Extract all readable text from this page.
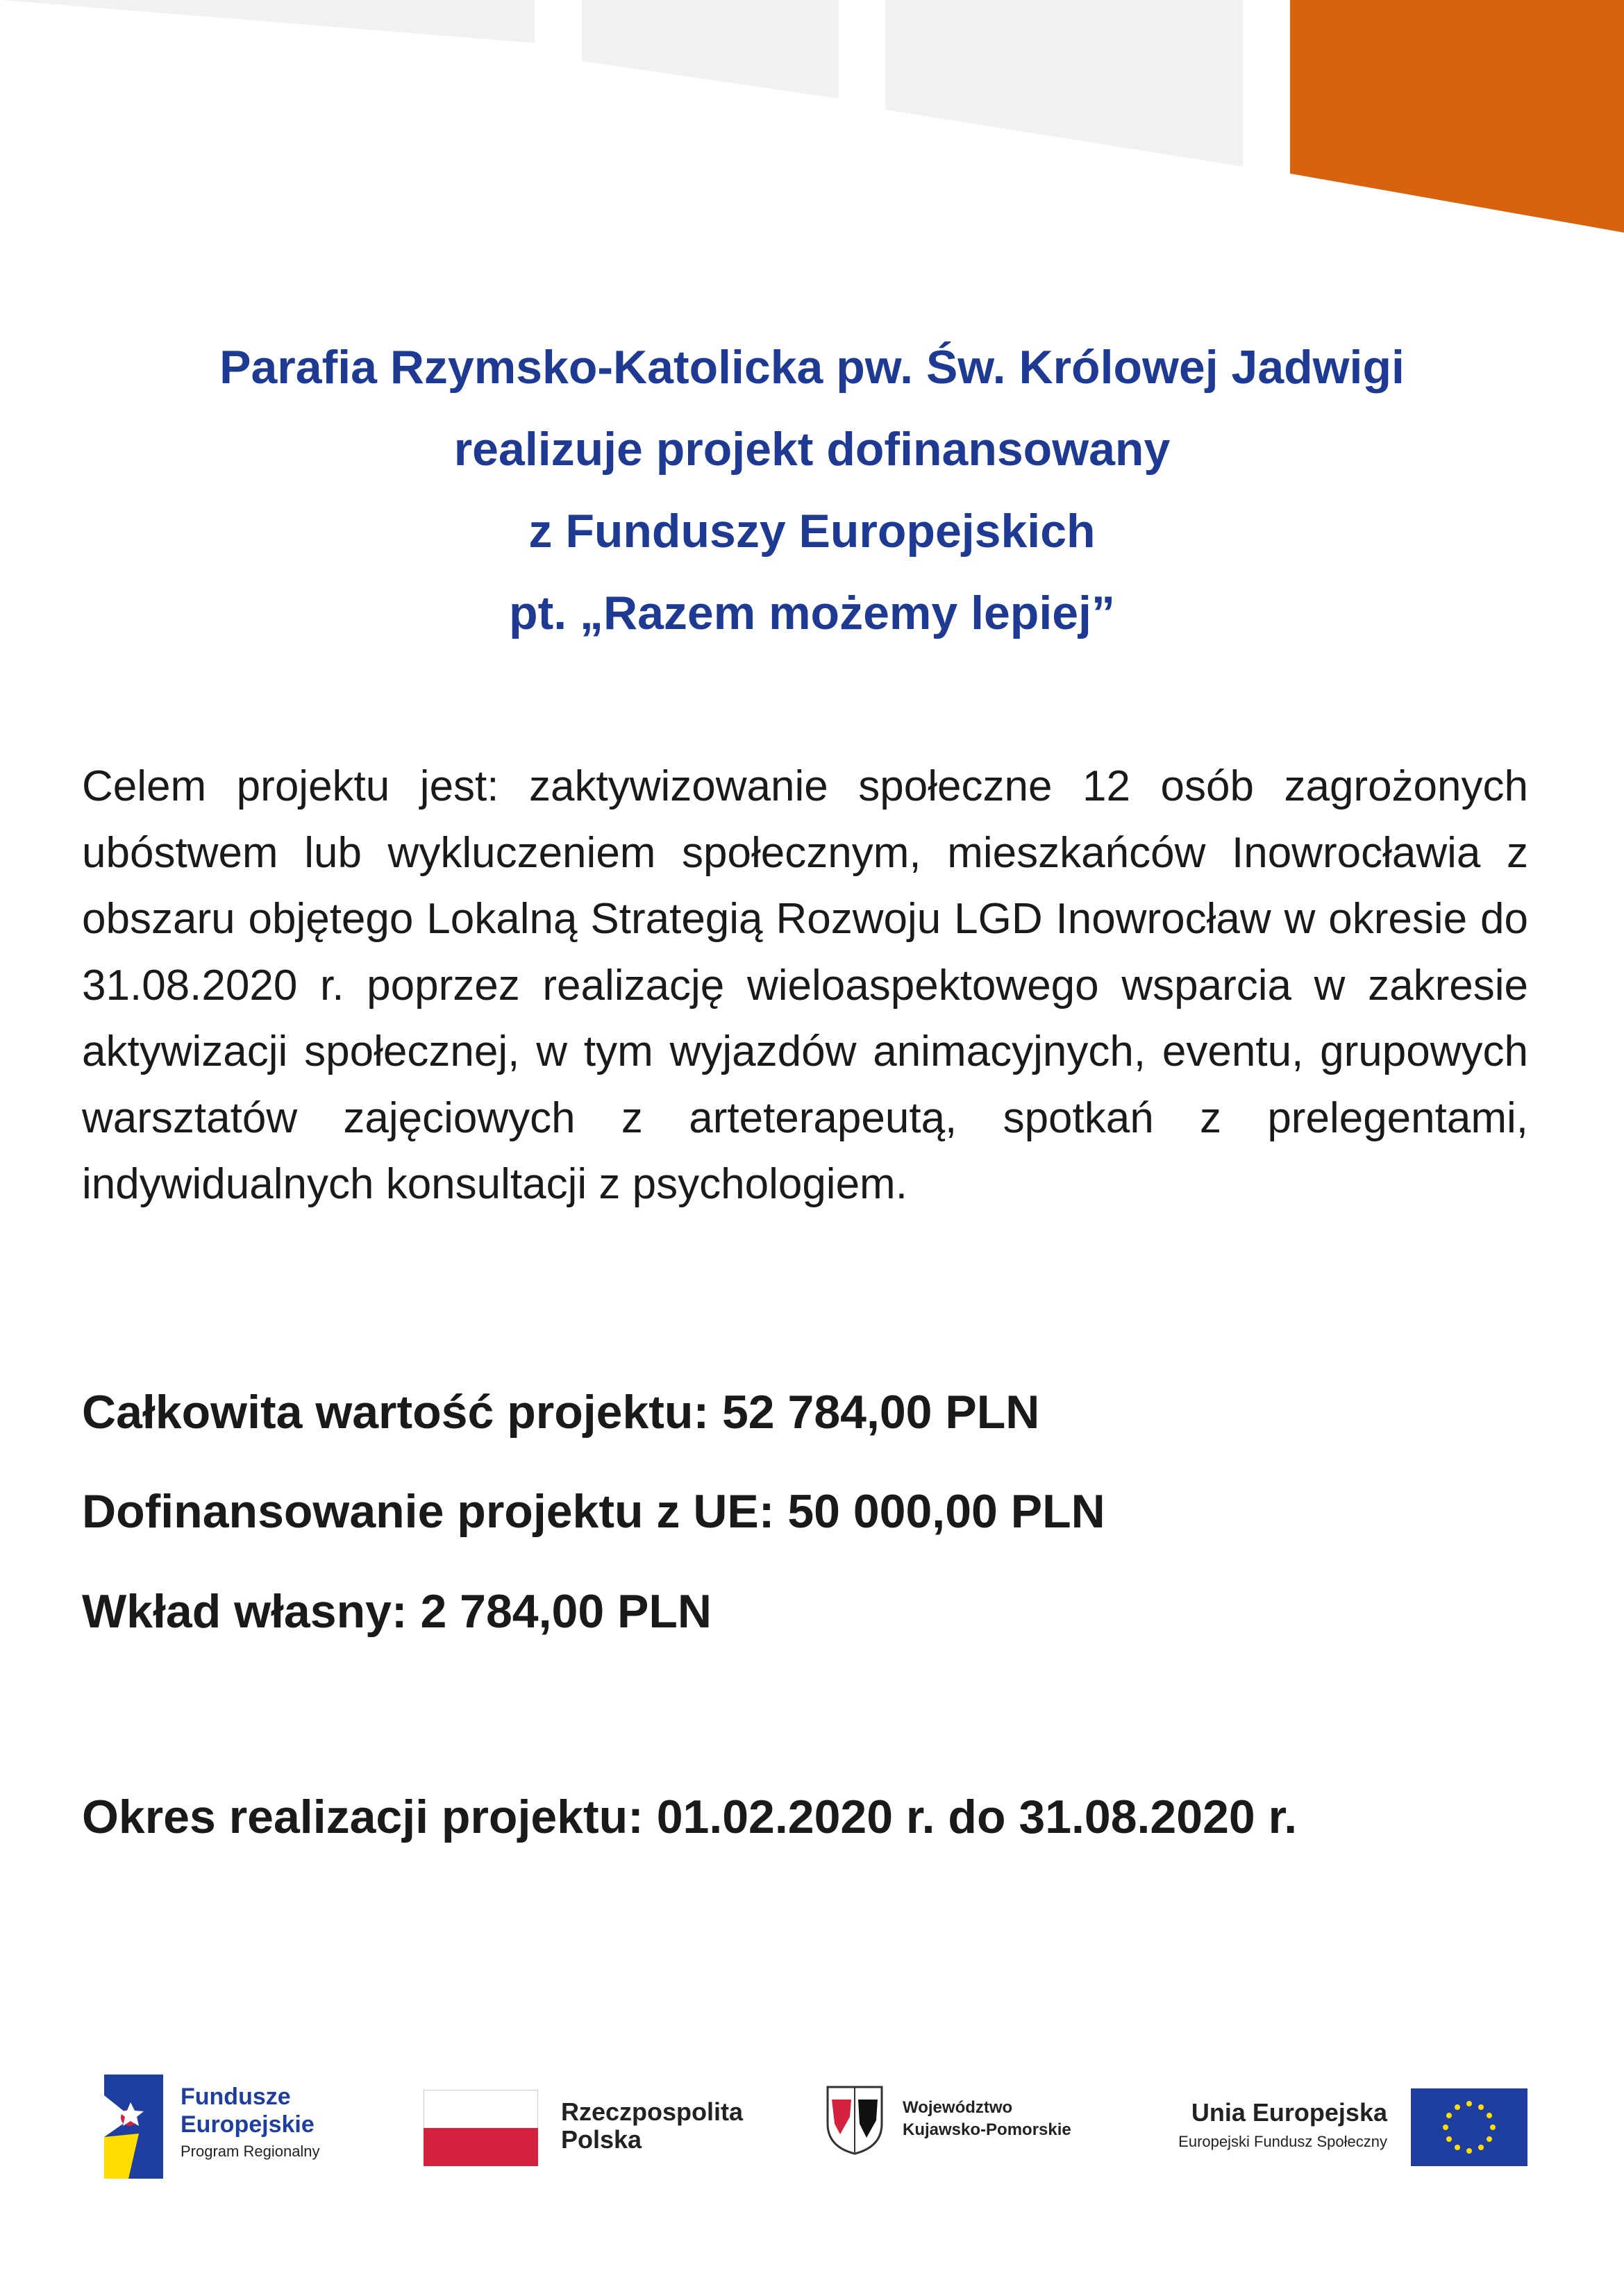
Parafia Rzymsko-Katolicka pw. Św. Królowej Jadwigi
realizuje projekt dofinansowany
z Funduszy Europejskich
pt. „Razem możemy lepiej”
Celem projektu jest: zaktywizowanie społeczne 12 osób zagrożonych ubóstwem lub wykluczeniem społecznym, mieszkańców Inowrocławia z obszaru objętego Lokalną Strategią Rozwoju LGD Inowrocław w okresie do 31.08.2020 r. poprzez realizację wieloaspektowego wsparcia w zakresie aktywizacji społecznej, w tym wyjazdów animacyjnych, eventu, grupowych warsztatów zajęciowych z arteterapeutą, spotkań z prelegentami, indywidualnych konsultacji z psychologiem.
Całkowita wartość projektu: 52 784,00 PLN
Dofinansowanie projektu z UE: 50 000,00 PLN
Wkład własny: 2 784,00 PLN
Okres realizacji projektu: 01.02.2020 r. do 31.08.2020 r.
Fundusze
Europejskie
Program Regionalny
Rzeczpospolita
Polska
Województwo
Kujawsko-Pomorskie
Unia Europejska
Europejski Fundusz Społeczny
